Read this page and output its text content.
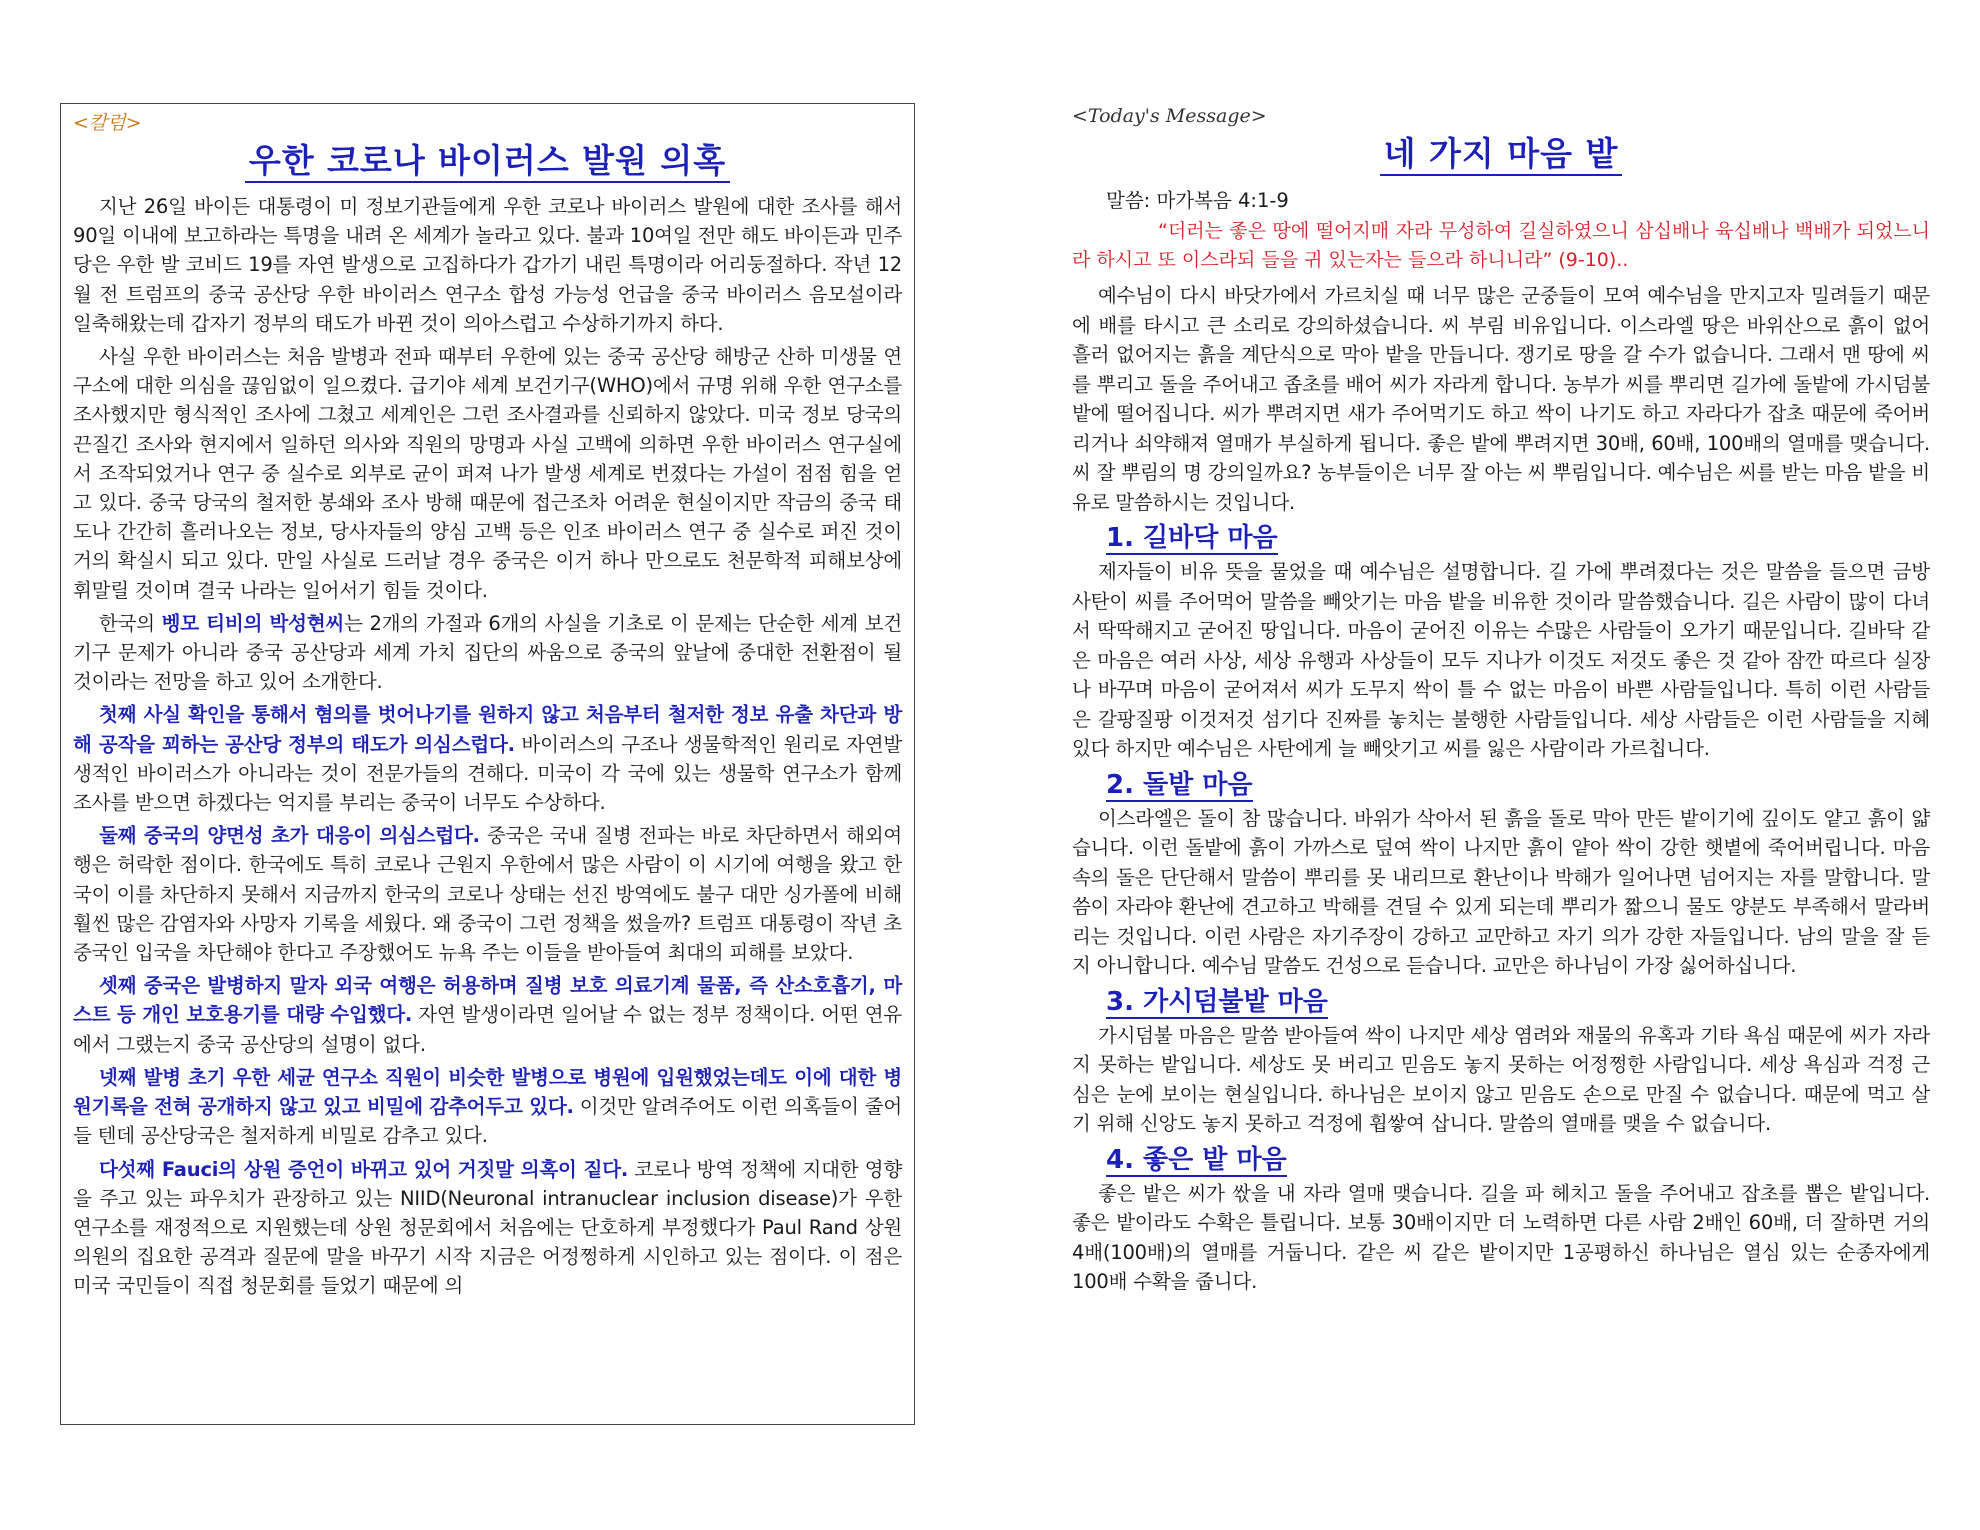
<칼럼>
우한 코로나 바이러스 발원 의혹

지난 26일 바이든 대통령이 미 정보기관들에게 우한 코로나 바이러스 발원에 대한 조사를 해서 90일 이내에 보고하라는 특명을 내려 온 세계가 놀라고 있다. 불과 10여일 전만 해도 바이든과 민주당은 우한 발 코비드 19를 자연 발생으로 고집하다가 갑가기 내린 특명이라 어리둥절하다. 작년 12월 전 트럼프의 중국 공산당 우한 바이러스 연구소 합성 가능성 언급을 중국 바이러스 음모설이라 일축해왔는데 갑자기 정부의 태도가 바뀐 것이 의아스럽고 수상하기까지 하다.

사실 우한 바이러스는 처음 발병과 전파 때부터 우한에 있는 중국 공산당 해방군 산하 미생물 연구소에 대한 의심을 끊임없이 일으켰다. 급기야 세계 보건기구(WHO)에서 규명 위해 우한 연구소를 조사했지만 형식적인 조사에 그쳤고 세계인은 그런 조사결과를 신뢰하지 않았다. 미국 정보 당국의 끈질긴 조사와 현지에서 일하던 의사와 직원의 망명과 사실 고백에 의하면 우한 바이러스 연구실에서 조작되었거나 연구 중 실수로 외부로 균이 퍼져 나가 발생 세계로 번졌다는 가설이 점점 힘을 얻고 있다. 중국 당국의 철저한 봉쇄와 조사 방해 때문에 접근조차 어려운 현실이지만 작금의 중국 태도나 간간히 흘러나오는 정보, 당사자들의 양심 고백 등은 인조 바이러스 연구 중 실수로 퍼진 것이 거의 확실시 되고 있다. 만일 사실로 드러날 경우 중국은 이거 하나 만으로도 천문학적 피해보상에 휘말릴 것이며 결국 나라는 일어서기 힘들 것이다.

한국의 벵모 티비의 박성현씨는 2개의 가절과 6개의 사실을 기초로 이 문제는 단순한 세계 보건기구 문제가 아니라 중국 공산당과 세계 가치 집단의 싸움으로 중국의 앞날에 중대한 전환점이 될 것이라는 전망을 하고 있어 소개한다.

첫째 사실 확인을 통해서 혐의를 벗어나기를 원하지 않고 처음부터 철저한 정보 유출 차단과 방해 공작을 꾀하는 공산당 정부의 태도가 의심스럽다. 바이러스의 구조나 생물학적인 원리로 자연발생적인 바이러스가 아니라는 것이 전문가들의 견해다. 미국이 각 국에 있는 생물학 연구소가 함께 조사를 받으면 하겠다는 억지를 부리는 중국이 너무도 수상하다.

둘째 중국의 양면성 초가 대응이 의심스럽다. 중국은 국내 질병 전파는 바로 차단하면서 해외여행은 허락한 점이다. 한국에도 특히 코로나 근원지 우한에서 많은 사람이 이 시기에 여행을 왔고 한국이 이를 차단하지 못해서 지금까지 한국의 코로나 상태는 선진 방역에도 불구 대만 싱가폴에 비해 훨씬 많은 감염자와 사망자 기록을 세웠다. 왜 중국이 그런 정책을 썼을까? 트럼프 대통령이 작년 초 중국인 입국을 차단해야 한다고 주장했어도 뉴욕 주는 이들을 받아들여 최대의 피해를 보았다.

셋째 중국은 발병하지 말자 외국 여행은 허용하며 질병 보호 의료기계 물품, 즉 산소호흡기, 마스트 등 개인 보호용기를 대량 수입했다. 자연 발생이라면 일어날 수 없는 정부 정책이다. 어떤 연유에서 그랬는지 중국 공산당의 설명이 없다.

넷째 발병 초기 우한 세균 연구소 직원이 비슷한 발병으로 병원에 입원했었는데도 이에 대한 병원기록을 전혀 공개하지 않고 있고 비밀에 감추어두고 있다. 이것만 알려주어도 이런 의혹들이 줄어들 텐데 공산당국은 철저하게 비밀로 감추고 있다.

다섯째 Fauci의 상원 증언이 바뀌고 있어 거짓말 의혹이 짙다. 코로나 방역 정책에 지대한 영향을 주고 있는 파우치가 관장하고 있는 NIID(Neuronal intranuclear inclusion disease)가 우한 연구소를 재정적으로 지원했는데 상원 청문회에서 처음에는 단호하게 부정했다가 Paul Rand 상원의원의 집요한 공격과 질문에 말을 바꾸기 시작 지금은 어정쩡하게 시인하고 있는 점이다. 이 점은 미국 국민들이 직접 청문회를 들었기 때문에 의

<Today's Message>
네 가지 마음 밭
말씀: 마가복음 4:1-9
“더러는 좋은 땅에 떨어지매 자라 무성하여 길실하였으니 삼십배나 육십배나 백배가 되었느니라 하시고 또 이스라되 들을 귀 있는자는 들으라 하니니라” (9-10)..

예수님이 다시 바닷가에서 가르치실 때 너무 많은 군중들이 모여 예수님을 만지고자 밀려들기 때문에 배를 타시고 큰 소리로 강의하셨습니다. 씨 부림 비유입니다. 이스라엘 땅은 바위산으로 흙이 없어 흘러 없어지는 흙을 계단식으로 막아 밭을 만듭니다. 쟁기로 땅을 갈 수가 없습니다. 그래서 맨 땅에 씨를 뿌리고 돌을 주어내고 좁초를 배어 씨가 자라게 합니다. 농부가 씨를 뿌리면 길가에 돌밭에 가시덤불 밭에 떨어집니다. 씨가 뿌려지면 새가 주어먹기도 하고 싹이 나기도 하고 자라다가 잡초 때문에 죽어버리거나 쇠약해져 열매가 부실하게 됩니다. 좋은 밭에 뿌려지면 30배, 60배, 100배의 열매를 맺습니다. 씨 잘 뿌림의 명 강의일까요? 농부들이은 너무 잘 아는 씨 뿌림입니다. 예수님은 씨를 받는 마음 밭을 비유로 말씀하시는 것입니다.

1. 길바닥 마음

제자들이 비유 뜻을 물었을 때 예수님은 설명합니다. 길 가에 뿌려졌다는 것은 말씀을 들으면 금방 사탄이 씨를 주어먹어 말씀을 빼앗기는 마음 밭을 비유한 것이라 말씀했습니다. 길은 사람이 많이 다녀서 딱딱해지고 굳어진 땅입니다. 마음이 굳어진 이유는 수많은 사람들이 오가기 때문입니다. 길바닥 같은 마음은 여러 사상, 세상 유행과 사상들이 모두 지나가 이것도 저것도 좋은 것 같아 잠깐 따르다 실장 나 바꾸며 마음이 굳어져서 씨가 도무지 싹이 틀 수 없는 마음이 바쁜 사람들입니다. 특히 이런 사람들은 갈팡질팡 이것저것 섬기다 진짜를 놓치는 불행한 사람들입니다. 세상 사람들은 이런 사람들을 지혜 있다 하지만 예수님은 사탄에게 늘 빼앗기고 씨를 잃은 사람이라 가르칩니다.

2. 돌밭 마음

이스라엘은 돌이 참 많습니다. 바위가 삭아서 된 흙을 돌로 막아 만든 밭이기에 깊이도 얕고 흙이 얇습니다. 이런 돌밭에 흙이 가까스로 덮여 싹이 나지만 흙이 얕아 싹이 강한 햇볕에 죽어버립니다. 마음속의 돌은 단단해서 말씀이 뿌리를 못 내리므로 환난이나 박해가 일어나면 넘어지는 자를 말합니다. 말씀이 자라야 환난에 견고하고 박해를 견딜 수 있게 되는데 뿌리가 짧으니 물도 양분도 부족해서 말라버리는 것입니다. 이런 사람은 자기주장이 강하고 교만하고 자기 의가 강한 자들입니다. 남의 말을 잘 듣지 아니합니다. 예수님 말씀도 건성으로 듣습니다. 교만은 하나님이 가장 싫어하십니다.

3. 가시덤불밭 마음

가시덤불 마음은 말씀 받아들여 싹이 나지만 세상 염려와 재물의 유혹과 기타 욕심 때문에 씨가 자라지 못하는 밭입니다. 세상도 못 버리고 믿음도 놓지 못하는 어정쩡한 사람입니다. 세상 욕심과 걱정 근심은 눈에 보이는 현실입니다. 하나님은 보이지 않고 믿음도 손으로 만질 수 없습니다. 때문에 먹고 살기 위해 신앙도 놓지 못하고 걱정에 휩쌓여 삽니다. 말씀의 열매를 맺을 수 없습니다.

4. 좋은 밭 마음

좋은 밭은 씨가 싻을 내 자라 열매 맺습니다. 길을 파 헤치고 돌을 주어내고 잡초를 뽑은 밭입니다. 좋은 밭이라도 수확은 틀립니다. 보통 30배이지만 더 노력하면 다른 사람 2배인 60배, 더 잘하면 거의 4배(100배)의 열매를 거둡니다. 같은 씨 같은 밭이지만 1공평하신 하나님은 열심 있는 순종자에게 100배 수확을 줍니다.
